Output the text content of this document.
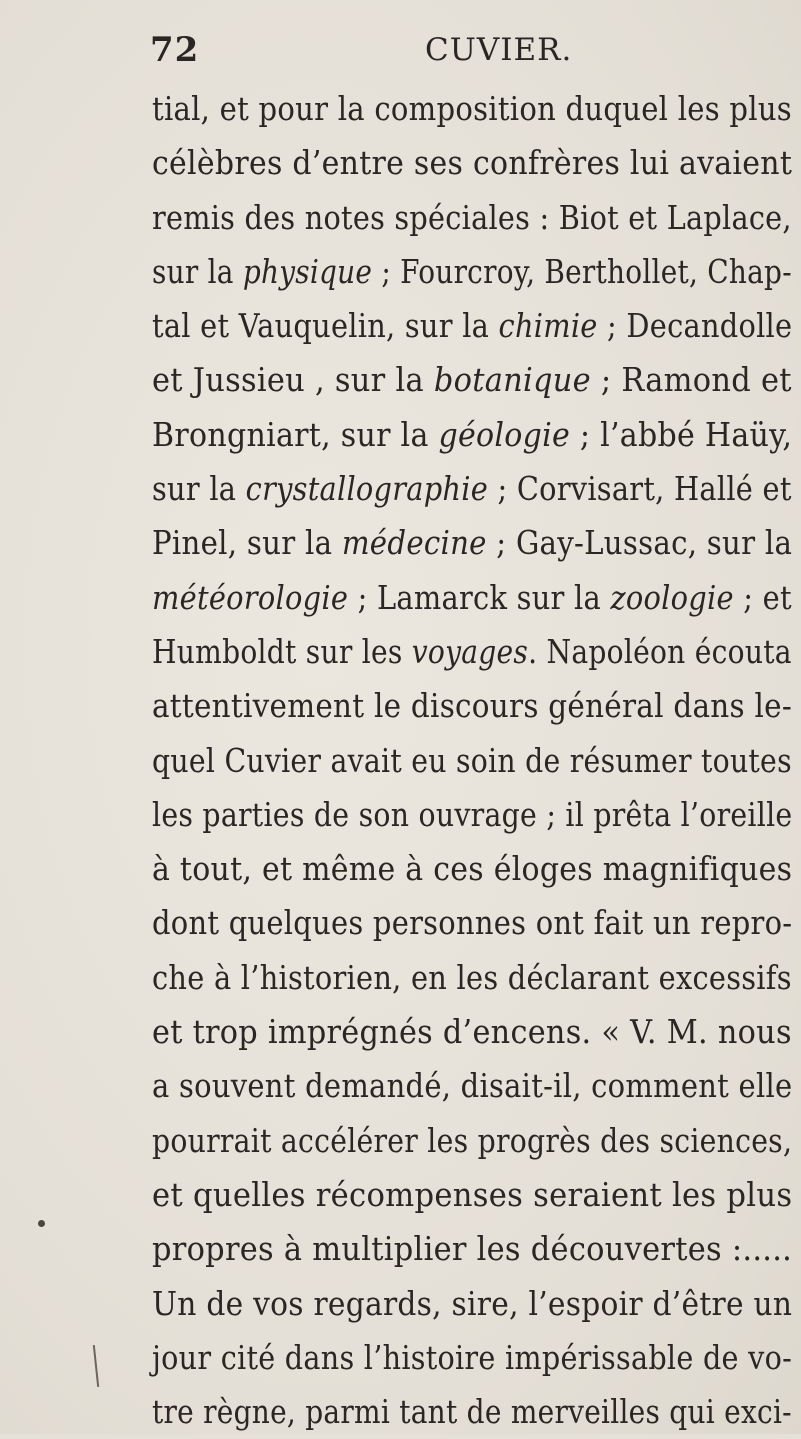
72	CUVIER.
tial, et pour la composition duquel les plus
célèbres d’entre ses confrères lui avaient
remis des notes spéciales : Biot et Laplace,
sur la physique ; Fourcroy, Berthollet, Chap-
tal et Vauquelin, sur la chimie ; Decandolle
et Jussieu , sur la botanique ; Ramond et
Brongniart, sur la géologie ; l’abbé Haüy,
sur la crystallographie ; Corvisart, Hallé et
Pinel, sur la médecine ; Gay-Lussac, sur la
météorologie ; Lamarck sur la zoologie ; et
Humboldt sur les voyages. Napoléon écouta
attentivement le discours général dans le-
quel Cuvier avait eu soin de résumer toutes
les parties de son ouvrage ; il prêta l’oreille
à tout, et même à ces éloges magnifiques
dont quelques personnes ont fait un repro-
che à l’historien, en les déclarant excessifs
et trop imprégnés d’encens. « V. M. nous
a souvent demandé, disait-il, comment elle
pourrait accélérer les progrès des sciences,
et quelles récompenses seraient les plus
propres à multiplier les découvertes :.....
Un de vos regards, sire, l’espoir d’être un
jour cité dans l’histoire impérissable de vo-
tre règne, parmi tant de merveilles qui exci-
